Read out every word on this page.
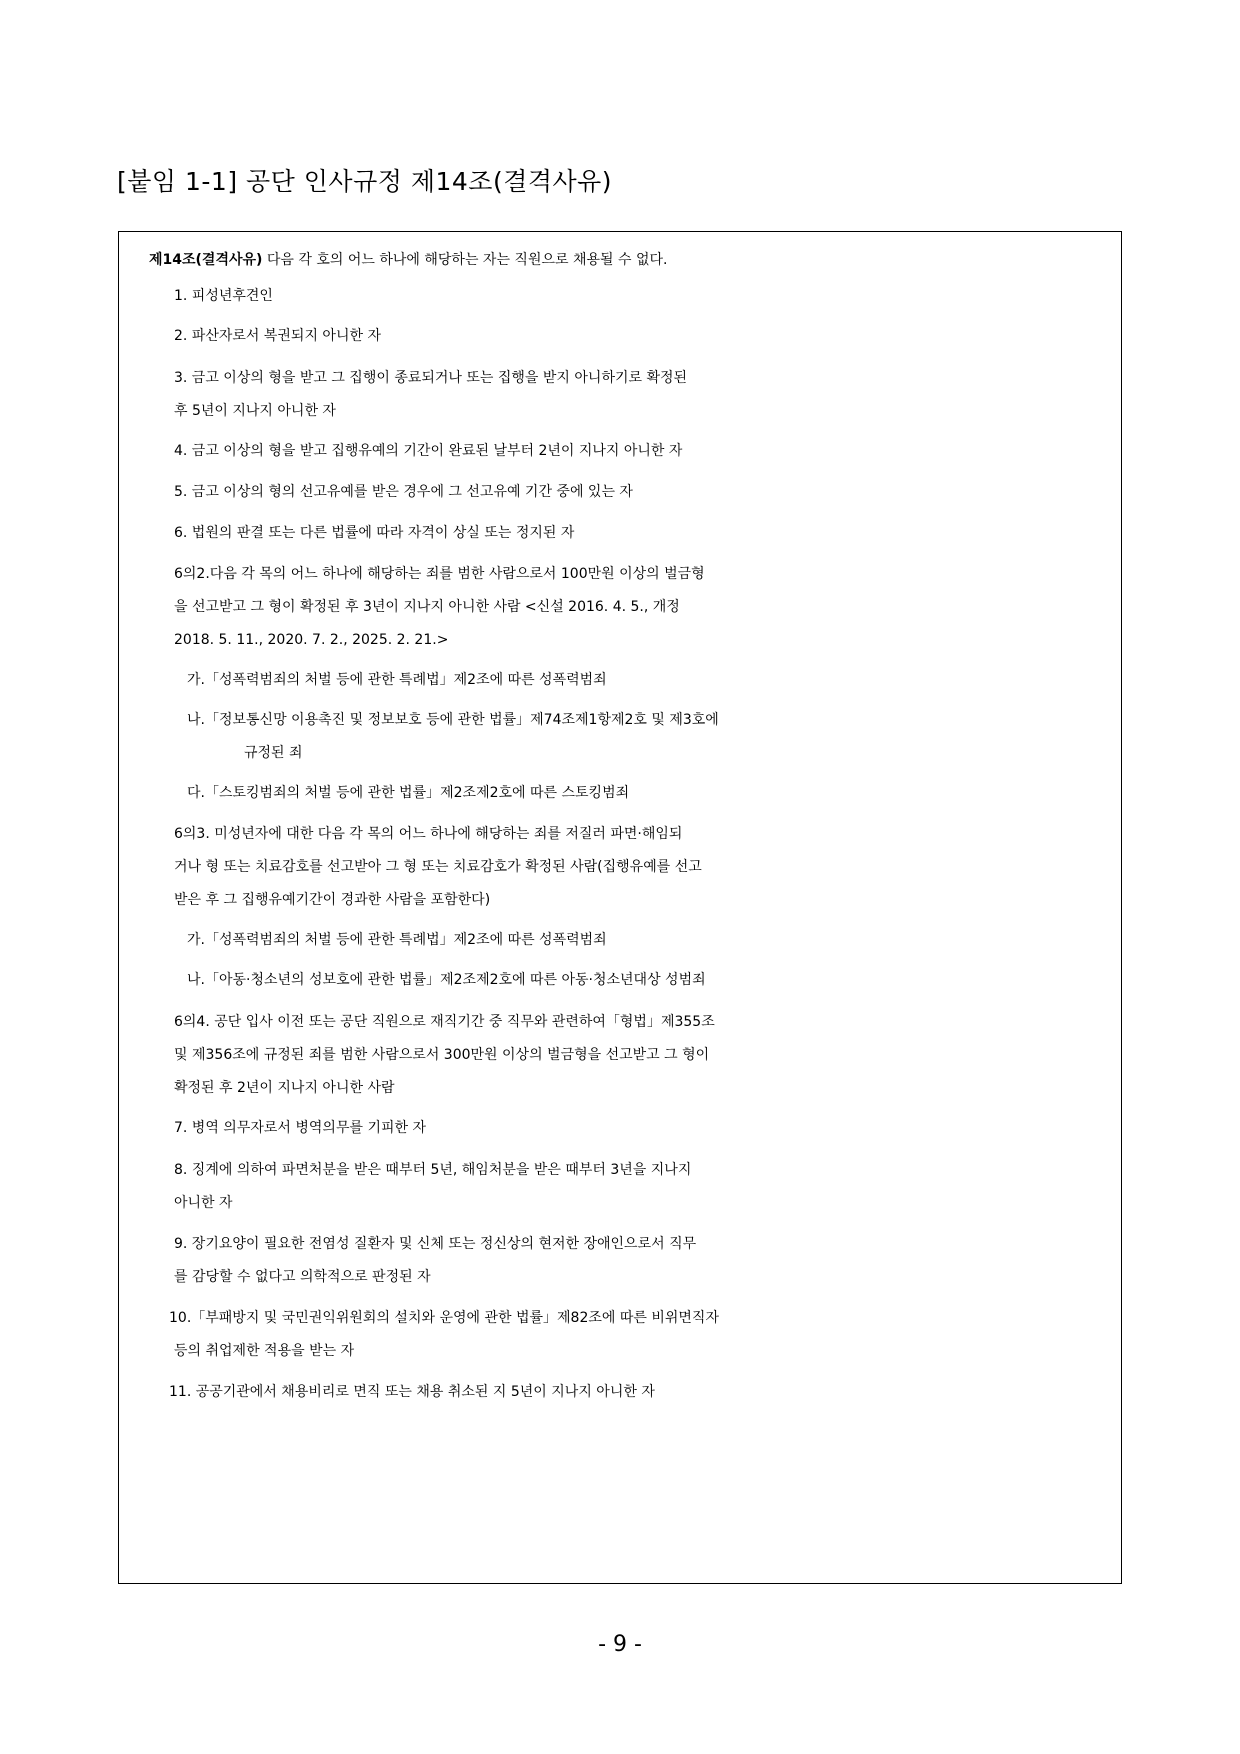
[붙임 1-1] 공단 인사규정 제14조(결격사유)

제14조(결격사유) 다음 각 호의 어느 하나에 해당하는 자는 직원으로 채용될 수 없다.

1. 피성년후견인

2. 파산자로서 복권되지 아니한 자

3. 금고 이상의 형을 받고 그 집행이 종료되거나 또는 집행을 받지 아니하기로 확정된

후 5년이 지나지 아니한 자

4. 금고 이상의 형을 받고 집행유예의 기간이 완료된 날부터 2년이 지나지 아니한 자

5. 금고 이상의 형의 선고유예를 받은 경우에 그 선고유예 기간 중에 있는 자

6. 법원의 판결 또는 다른 법률에 따라 자격이 상실 또는 정지된 자

6의2.다음 각 목의 어느 하나에 해당하는 죄를 범한 사람으로서 100만원 이상의 벌금형

을 선고받고 그 형이 확정된 후 3년이 지나지 아니한 사람 <신설 2016. 4. 5., 개정

2018. 5. 11., 2020. 7. 2., 2025. 2. 21.>

가.「성폭력범죄의 처벌 등에 관한 특례법」제2조에 따른 성폭력범죄

나.「정보통신망 이용촉진 및 정보보호 등에 관한 법률」제74조제1항제2호 및 제3호에

규정된 죄

다.「스토킹범죄의 처벌 등에 관한 법률」제2조제2호에 따른 스토킹범죄

6의3. 미성년자에 대한 다음 각 목의 어느 하나에 해당하는 죄를 저질러 파면·해임되

거나 형 또는 치료감호를 선고받아 그 형 또는 치료감호가 확정된 사람(집행유예를 선고

받은 후 그 집행유예기간이 경과한 사람을 포함한다)

가.「성폭력범죄의 처벌 등에 관한 특례법」제2조에 따른 성폭력범죄

나.「아동·청소년의 성보호에 관한 법률」제2조제2호에 따른 아동·청소년대상 성범죄

6의4. 공단 입사 이전 또는 공단 직원으로 재직기간 중 직무와 관련하여「형법」제355조

및 제356조에 규정된 죄를 범한 사람으로서 300만원 이상의 벌금형을 선고받고 그 형이

확정된 후 2년이 지나지 아니한 사람

7. 병역 의무자로서 병역의무를 기피한 자

8. 징계에 의하여 파면처분을 받은 때부터 5년, 해임처분을 받은 때부터 3년을 지나지

아니한 자

9. 장기요양이 필요한 전염성 질환자 및 신체 또는 정신상의 현저한 장애인으로서 직무

를 감당할 수 없다고 의학적으로 판정된 자

10.「부패방지 및 국민권익위원회의 설치와 운영에 관한 법률」제82조에 따른 비위면직자

등의 취업제한 적용을 받는 자

11. 공공기관에서 채용비리로 면직 또는 채용 취소된 지 5년이 지나지 아니한 자

- 9 -
